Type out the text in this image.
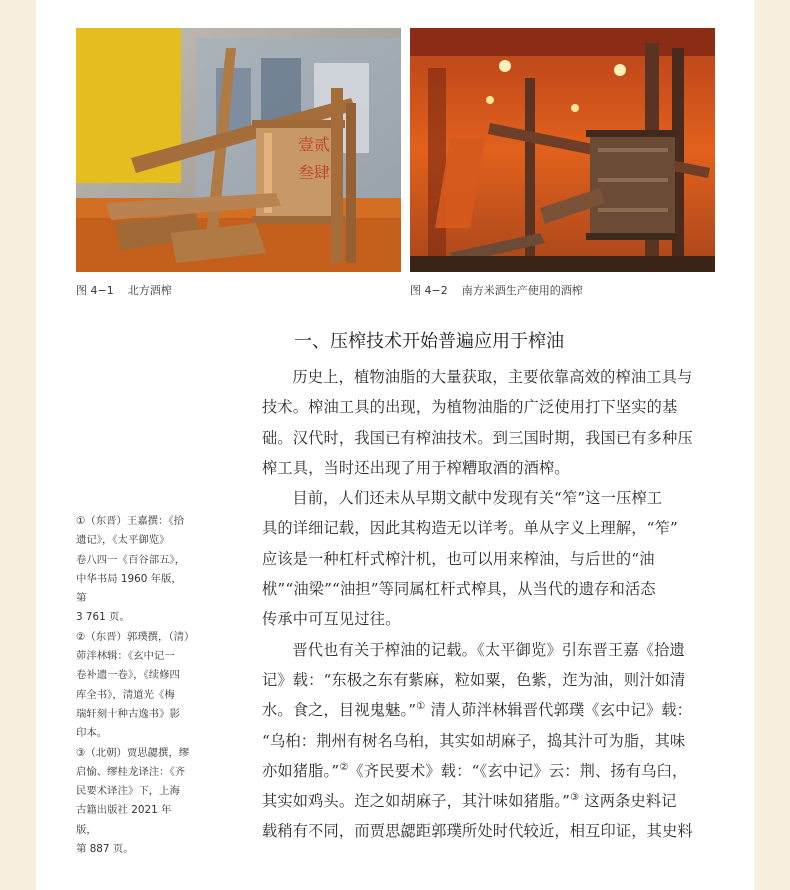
壹贰
叁肆
图 4−1 北方酒榨	图 4−2 南方米酒生产使用的酒榨
一、压榨技术开始普遍应用于榨油

历史上，植物油脂的大量获取，主要依靠高效的榨油工具与
技术。榨油工具的出现，为植物油脂的广泛使用打下坚实的基
础。汉代时，我国已有榨油技术。到三国时期，我国已有多种压
榨工具，当时还出现了用于榨糟取酒的酒榨。

目前，人们还未从早期文献中发现有关“笮”这一压榨工
具的详细记载，因此其构造无以详考。单从字义上理解，“笮”
应该是一种杠杆式榨汁机，也可以用来榨油，与后世的“油
栿”“油梁”“油担”等同属杠杆式榨具，从当代的遗存和活态
传承中可互见过往。

晋代也有关于榨油的记载。《太平御览》引东晋王嘉《拾遗
记》载：“东极之东有紫麻，粒如粟，色紫，迮为油，则汁如清
水。食之，目视鬼魅。”① 清人茆泮林辑晋代郭璞《玄中记》载：
“乌桕：荆州有树名乌桕，其实如胡麻子，捣其汁可为脂，其味
亦如猪脂。”②《齐民要术》载：“《玄中记》云：荆、扬有乌臼，
其实如鸡头。迮之如胡麻子，其汁味如猪脂。”③ 这两条史料记
载稍有不同，而贾思勰距郭璞所处时代较近，相互印证，其史料

①（东晋）王嘉撰：《拾
遗记》，《太平御览》
卷八四一《百谷部五》，
中华书局 1960 年版，第
3 761 页。
②（东晋）郭璞撰，（清）
茆泮林辑：《玄中记一
卷补遗一卷》，《续修四
库全书》，清道光《梅
瑞轩刻十种古逸书》影
印本。
③（北朝）贾思勰撰，缪
启愉、缪桂龙译注：《齐
民要术译注》下，上海
古籍出版社 2021 年版，
第 887 页。
